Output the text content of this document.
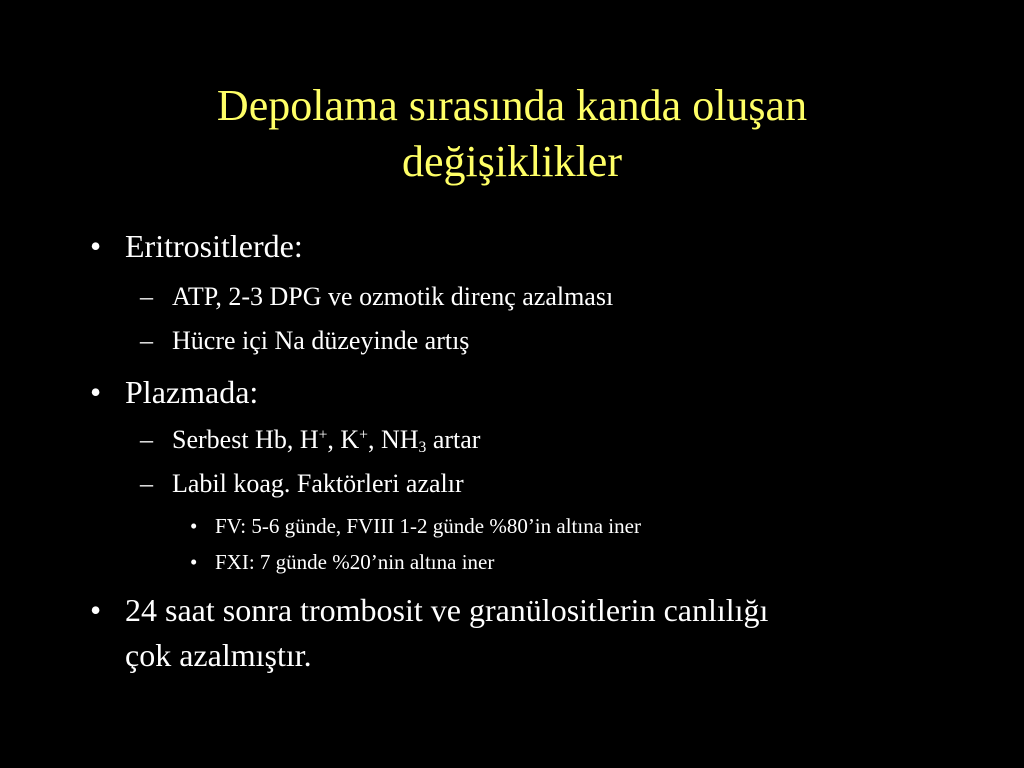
Depolama sırasında kanda oluşan
değişiklikler
• Eritrositlerde:
– ATP, 2-3 DPG ve ozmotik direnç azalması
– Hücre içi Na düzeyinde artış
• Plazmada:
– Serbest Hb, H+, K+, $NH_3$ artar
– Labil koag. Faktörleri azalır
• FV: 5-6 günde, FVIII 1-2 günde %80’in altına iner
• FXI: 7 günde %20’nin altına iner
• 24 saat sonra trombosit ve granülositlerin canlılığı
çok azalmıştır.
